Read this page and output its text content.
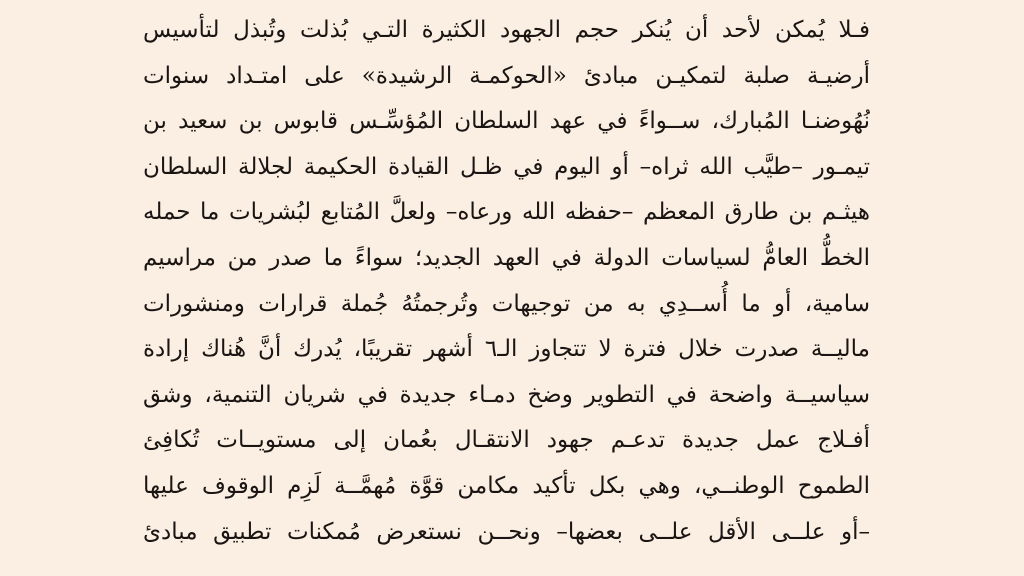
فـلا يُمكن لأحد أن يُنكر حجم الجهود الكثيرة التـي بُذلت وتُبذل لتأسيس
أرضيـة صلبة لتمكيـن مبادئ «الحوكمـة الرشيدة» على امتـداد سنوات
نُهُوضنـا المُبارك، ســواءً في عهد السلطان المُؤسِّـس قابوس بن سعيد بن
تيمـور –طيَّب الله ثراه– أو اليوم في ظـل القيادة الحكيمة لجلالة السلطان
هيثـم بن طارق المعظم –حفظه الله ورعاه– ولعلَّ المُتابع لبُشريات ما حمله
الخطُّ العامُّ لسياسات الدولة في العهد الجديد؛ سواءً ما صدر من مراسيم
سامية، أو ما أُســدِي به من توجيهات وتُرجمتُهُ جُملة قرارات ومنشورات
ماليــة صدرت خلال فترة لا تتجاوز الـ٦ أشهر تقريبًا، يُدرك أنَّ هُناك إرادة
سياسيــة واضحة في التطوير وضخ دمـاء جديدة في شريان التنمية، وشق
أفـلاج عمل جديدة تدعـم جهود الانتقـال بعُمان إلى مستويــات تُكافِئ
الطموح الوطنــي، وهي بكل تأكيد مكامن قوَّة مُهمَّــة لَزِم الوقوف عليها
–أو علــى الأقل علــى بعضها– ونحــن نستعرض مُمكنات تطبيق مبادئ
